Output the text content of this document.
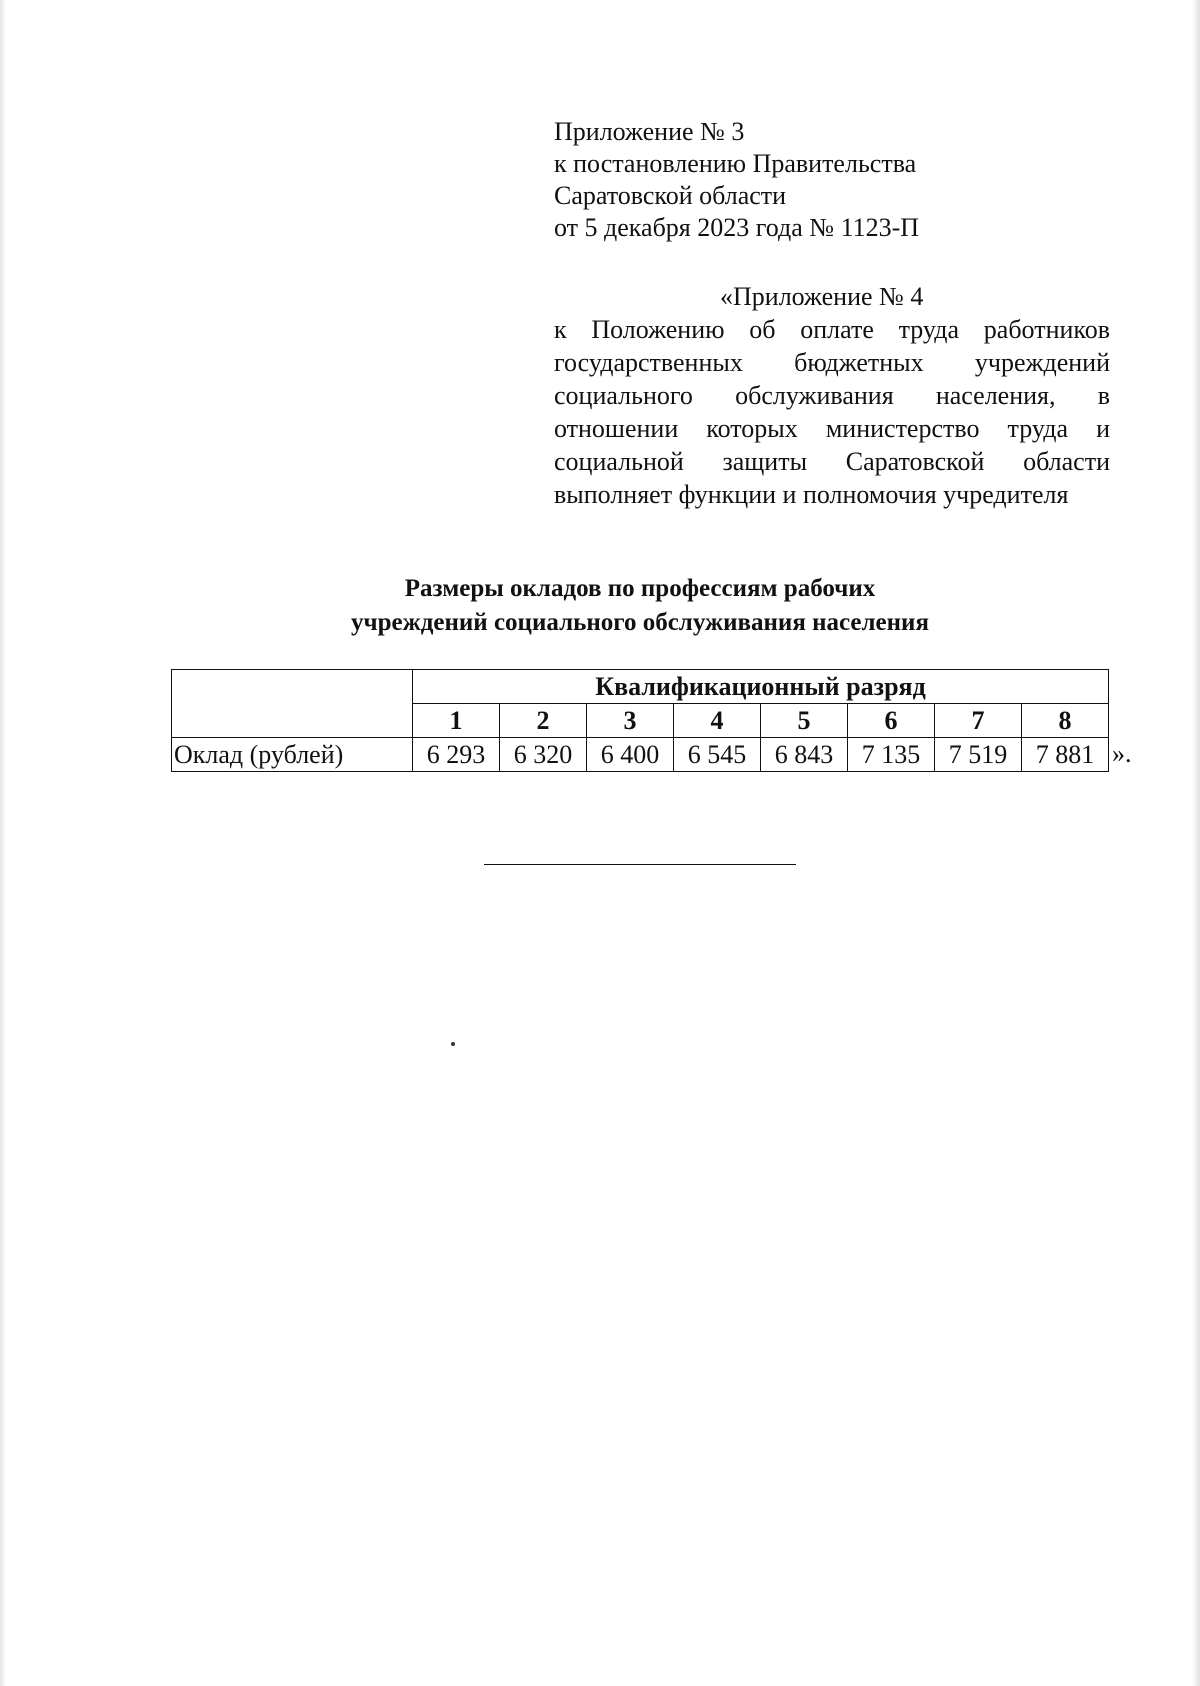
Приложение № 3
к постановлению Правительства
Саратовской области
от 5 декабря 2023 года № 1123-П
«Приложение № 4
к Положению об оплате труда работников государственных бюджетных учреждений социального обслуживания населения, в отношении которых министерство труда и социальной защиты Саратовской области выполняет функции и полномочия учредителя
Размеры окладов по профессиям рабочих
учреждений социального обслуживания населения
	Квалификационный разряд							
	1	2	3	4	5	6	7	8
Оклад (рублей)	6 293	6 320	6 400	6 545	6 843	7 135	7 519	7 881 ».
